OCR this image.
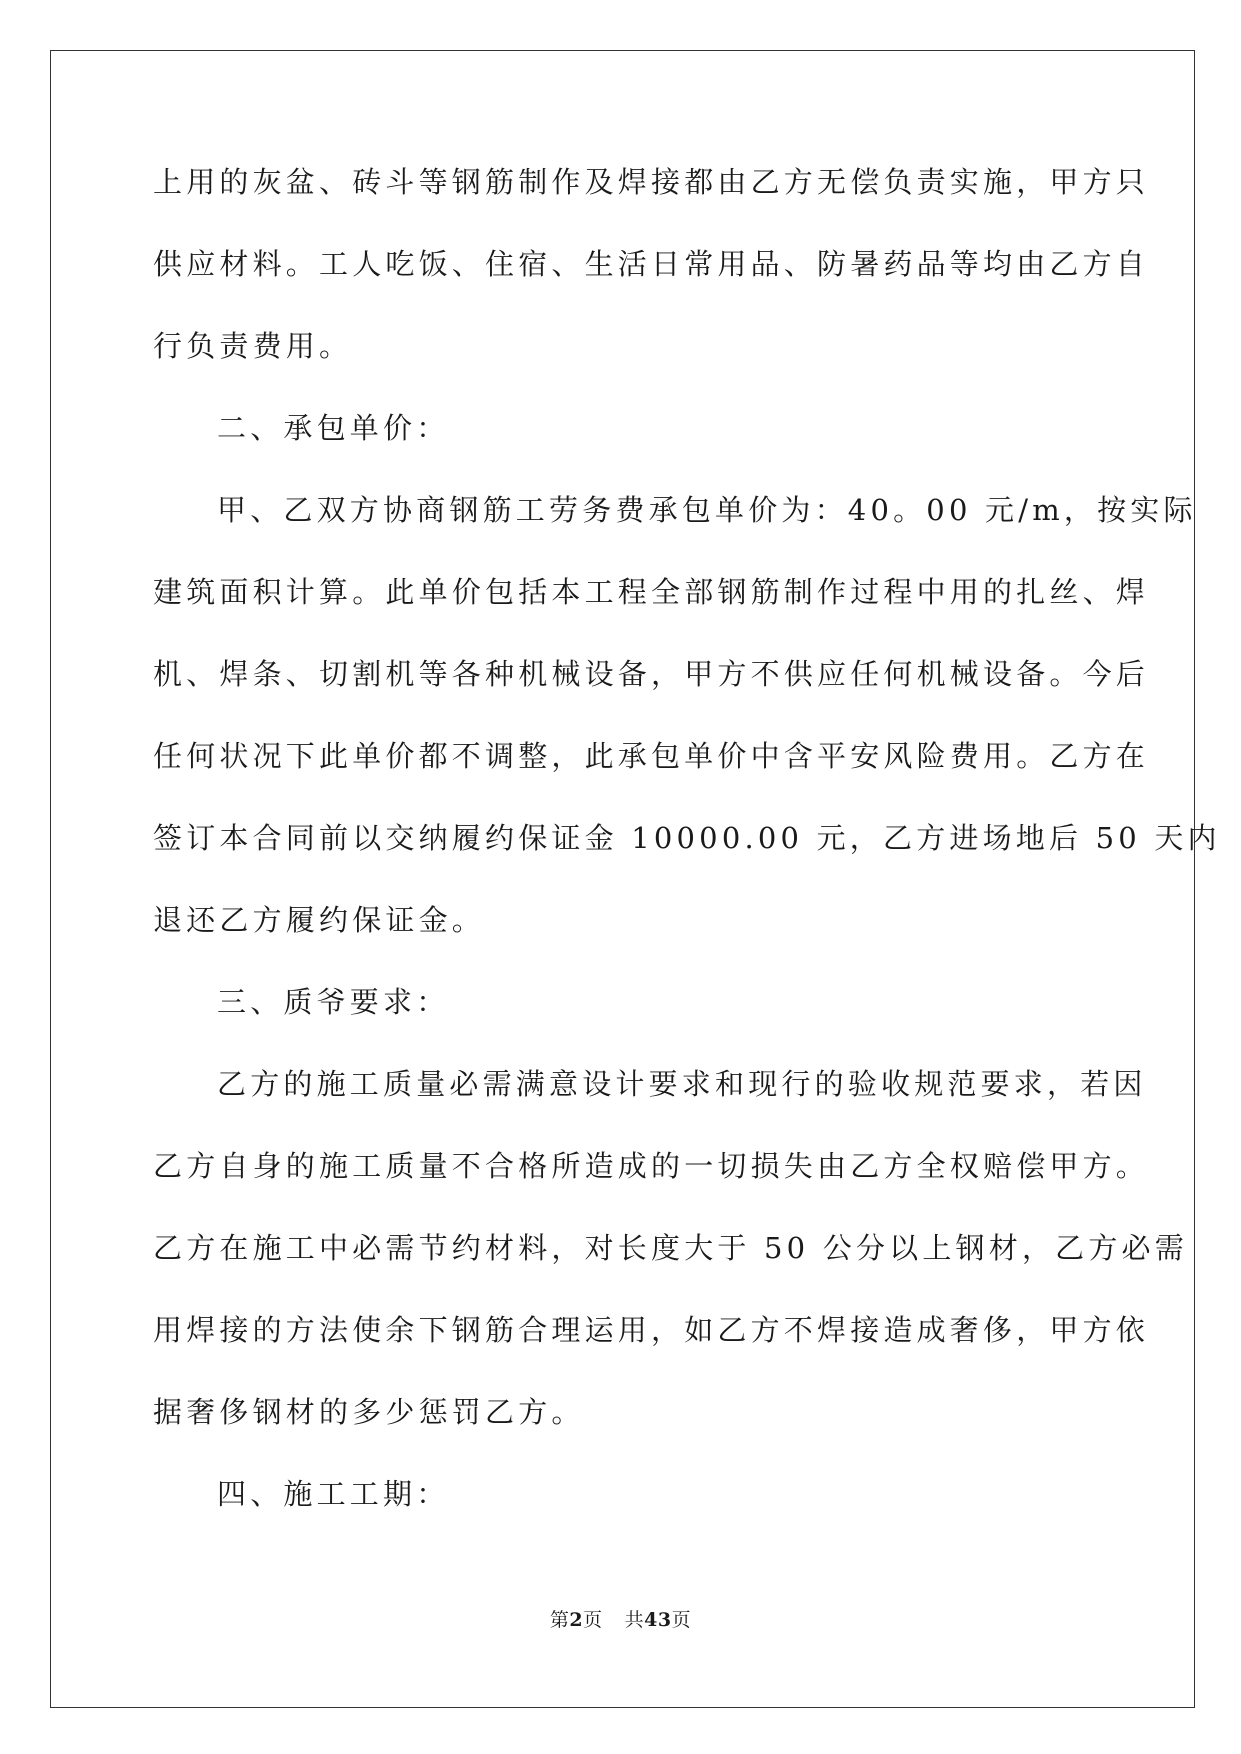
上用的灰盆、砖斗等钢筋制作及焊接都由乙方无偿负责实施，甲方只
供应材料。工人吃饭、住宿、生活日常用品、防暑药品等均由乙方自
行负责费用。
二、承包单价：
甲、乙双方协商钢筋工劳务费承包单价为：40。00 元/m，按实际
建筑面积计算。此单价包括本工程全部钢筋制作过程中用的扎丝、焊
机、焊条、切割机等各种机械设备，甲方不供应任何机械设备。今后
任何状况下此单价都不调整，此承包单价中含平安风险费用。乙方在
签订本合同前以交纳履约保证金 10000.00 元，乙方进场地后 50 天内
退还乙方履约保证金。
三、质爷要求：
乙方的施工质量必需满意设计要求和现行的验收规范要求，若因
乙方自身的施工质量不合格所造成的一切损失由乙方全权赔偿甲方。
乙方在施工中必需节约材料，对长度大于 50 公分以上钢材，乙方必需
用焊接的方法使余下钢筋合理运用，如乙方不焊接造成奢侈，甲方依
据奢侈钢材的多少惩罚乙方。
四、施工工期：
第2页 共43页
